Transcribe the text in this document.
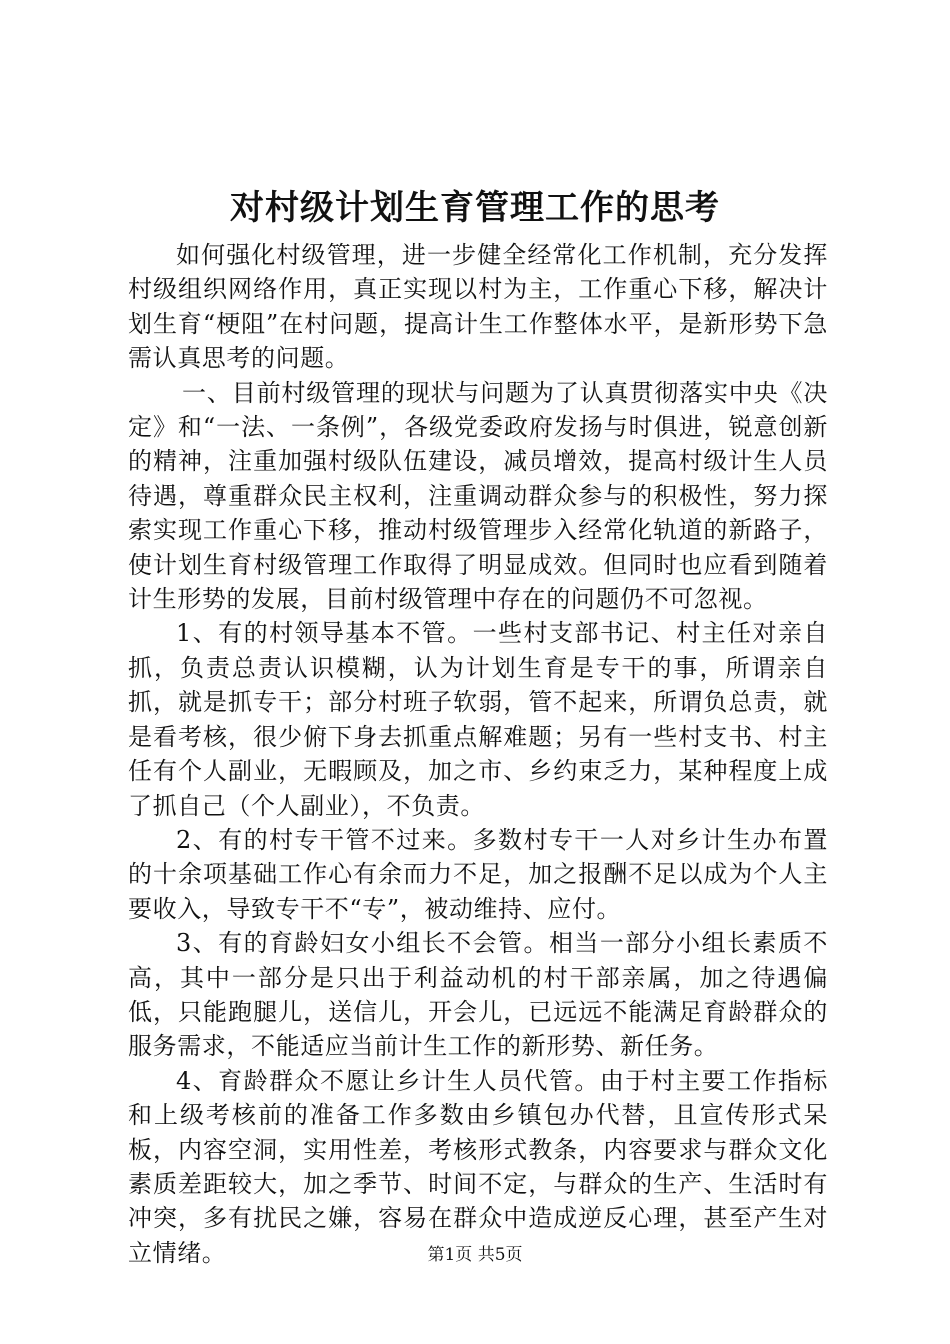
对村级计划生育管理工作的思考

如何强化村级管理，进一步健全经常化工作机制，充分发挥村级组织网络作用，真正实现以村为主，工作重心下移，解决计划生育“梗阻”在村问题，提高计生工作整体水平，是新形势下急需认真思考的问题。

一、目前村级管理的现状与问题为了认真贯彻落实中央《决定》和“一法、一条例”，各级党委政府发扬与时俱进，锐意创新的精神，注重加强村级队伍建设，减员增效，提高村级计生人员待遇，尊重群众民主权利，注重调动群众参与的积极性，努力探索实现工作重心下移，推动村级管理步入经常化轨道的新路子，使计划生育村级管理工作取得了明显成效。但同时也应看到随着计生形势的发展，目前村级管理中存在的问题仍不可忽视。

1、有的村领导基本不管。一些村支部书记、村主任对亲自抓，负责总责认识模糊，认为计划生育是专干的事，所谓亲自抓，就是抓专干；部分村班子软弱，管不起来，所谓负总责，就是看考核，很少俯下身去抓重点解难题；另有一些村支书、村主任有个人副业，无暇顾及，加之市、乡约束乏力，某种程度上成了抓自己（个人副业），不负责。

2、有的村专干管不过来。多数村专干一人对乡计生办布置的十余项基础工作心有余而力不足，加之报酬不足以成为个人主要收入，导致专干不“专”，被动维持、应付。

3、有的育龄妇女小组长不会管。相当一部分小组长素质不高，其中一部分是只出于利益动机的村干部亲属，加之待遇偏低，只能跑腿儿，送信儿，开会儿，已远远不能满足育龄群众的服务需求，不能适应当前计生工作的新形势、新任务。

4、育龄群众不愿让乡计生人员代管。由于村主要工作指标和上级考核前的准备工作多数由乡镇包办代替，且宣传形式呆板，内容空洞，实用性差，考核形式教条，内容要求与群众文化素质差距较大，加之季节、时间不定，与群众的生产、生活时有冲突，多有扰民之嫌，容易在群众中造成逆反心理，甚至产生对立情绪。	第1页 共5页
